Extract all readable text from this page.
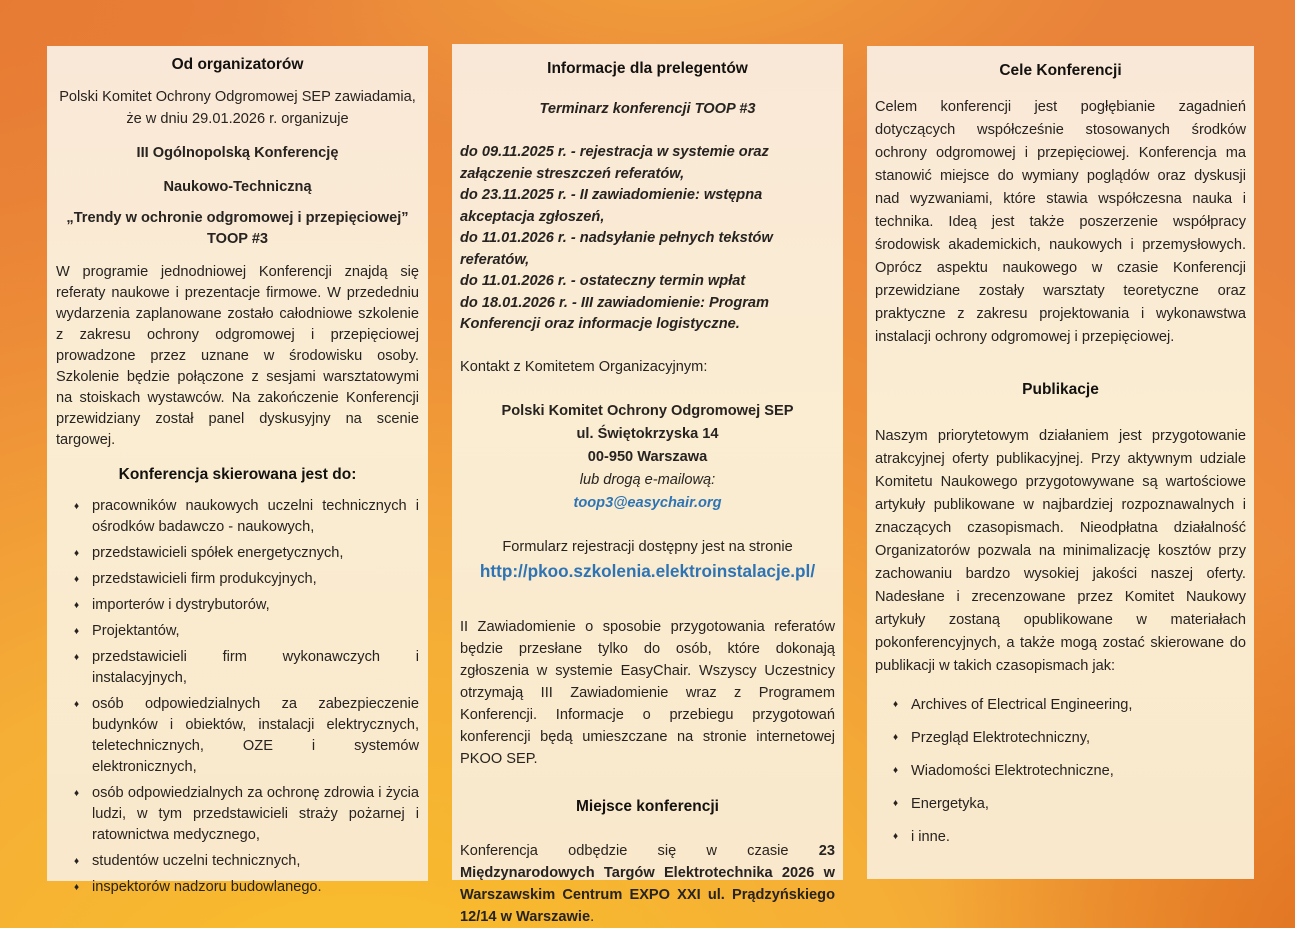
Od organizatorów

Polski Komitet Ochrony Odgromowej SEP zawiadamia, że w dniu 29.01.2026 r. organizuje

III Ogólnopolską Konferencję

Naukowo-Techniczną

„Trendy w ochronie odgromowej i przepięciowej”

TOOP #3

W programie jednodniowej Konferencji znajdą się referaty naukowe i prezentacje firmowe. W przededniu wydarzenia zaplanowane zostało całodniowe szkolenie z zakresu ochrony odgromowej i przepięciowej prowadzone przez uznane w środowisku osoby. Szkolenie będzie połączone z sesjami warsztatowymi na stoiskach wystawców. Na zakończenie Konferencji przewidziany został panel dyskusyjny na scenie targowej.

Konferencja skierowana jest do:
♦ pracowników naukowych uczelni technicznych i ośrodków badawczo - naukowych,
♦ przedstawicieli spółek energetycznych,
♦ przedstawicieli firm produkcyjnych,
♦ importerów i dystrybutorów,
♦ Projektantów,
♦ przedstawicieli firm wykonawczych i instalacyjnych,
♦ osób odpowiedzialnych za zabezpieczenie budynków i obiektów, instalacji elektrycznych, teletechnicznych, OZE i systemów elektronicznych,
♦ osób odpowiedzialnych za ochronę zdrowia i życia ludzi, w tym przedstawicieli straży pożarnej i ratownictwa medycznego,
♦ studentów uczelni technicznych,
♦ inspektorów nadzoru budowlanego.
Informacje dla prelegentów

Terminarz konferencji TOOP #3

do 09.11.2025 r. - rejestracja w systemie oraz załączenie streszczeń referatów,

do 23.11.2025 r. - II zawiadomienie: wstępna akceptacja zgłoszeń,

do 11.01.2026 r. - nadsyłanie pełnych tekstów referatów,

do 11.01.2026 r. - ostateczny termin wpłat

do 18.01.2026 r. - III zawiadomienie: Program Konferencji oraz informacje logistyczne.

Kontakt z Komitetem Organizacyjnym:

Polski Komitet Ochrony Odgromowej SEP

ul. Świętokrzyska 14

00-950 Warszawa

lub drogą e-mailową:

toop3@easychair.org

Formularz rejestracji dostępny jest na stronie

http://pkoo.szkolenia.elektroinstalacje.pl/

II Zawiadomienie o sposobie przygotowania referatów będzie przesłane tylko do osób, które dokonają zgłoszenia w systemie EasyChair. Wszyscy Uczestnicy otrzymają III Zawiadomienie wraz z Programem Konferencji. Informacje o przebiegu przygotowań konferencji będą umieszczane na stronie internetowej PKOO SEP.

Miejsce konferencji

Konferencja odbędzie się w czasie 23 Międzynarodowych Targów Elektrotechnika 2026 w Warszawskim Centrum EXPO XXI ul. Prądzyńskiego 12/14 w Warszawie.

Cele Konferencji

Celem konferencji jest pogłębianie zagadnień dotyczących współcześnie stosowanych środków ochrony odgromowej i przepięciowej. Konferencja ma stanowić miejsce do wymiany poglądów oraz dyskusji nad wyzwaniami, które stawia współczesna nauka i technika. Ideą jest także poszerzenie współpracy środowisk akademickich, naukowych i przemysłowych. Oprócz aspektu naukowego w czasie Konferencji przewidziane zostały warsztaty teoretyczne oraz praktyczne z zakresu projektowania i wykonawstwa instalacji ochrony odgromowej i przepięciowej.

Publikacje

Naszym priorytetowym działaniem jest przygotowanie atrakcyjnej oferty publikacyjnej. Przy aktywnym udziale Komitetu Naukowego przygotowywane są wartościowe artykuły publikowane w najbardziej rozpoznawalnych i znaczących czasopismach. Nieodpłatna działalność Organizatorów pozwala na minimalizację kosztów przy zachowaniu bardzo wysokiej jakości naszej oferty. Nadesłane i zrecenzowane przez Komitet Naukowy artykuły zostaną opublikowane w materiałach pokonferencyjnych, a także mogą zostać skierowane do publikacji w takich czasopismach jak:

♦ Archives of Electrical Engineering,
♦ Przegląd Elektrotechniczny,
♦ Wiadomości Elektrotechniczne,
♦ Energetyka,
♦ i inne.
